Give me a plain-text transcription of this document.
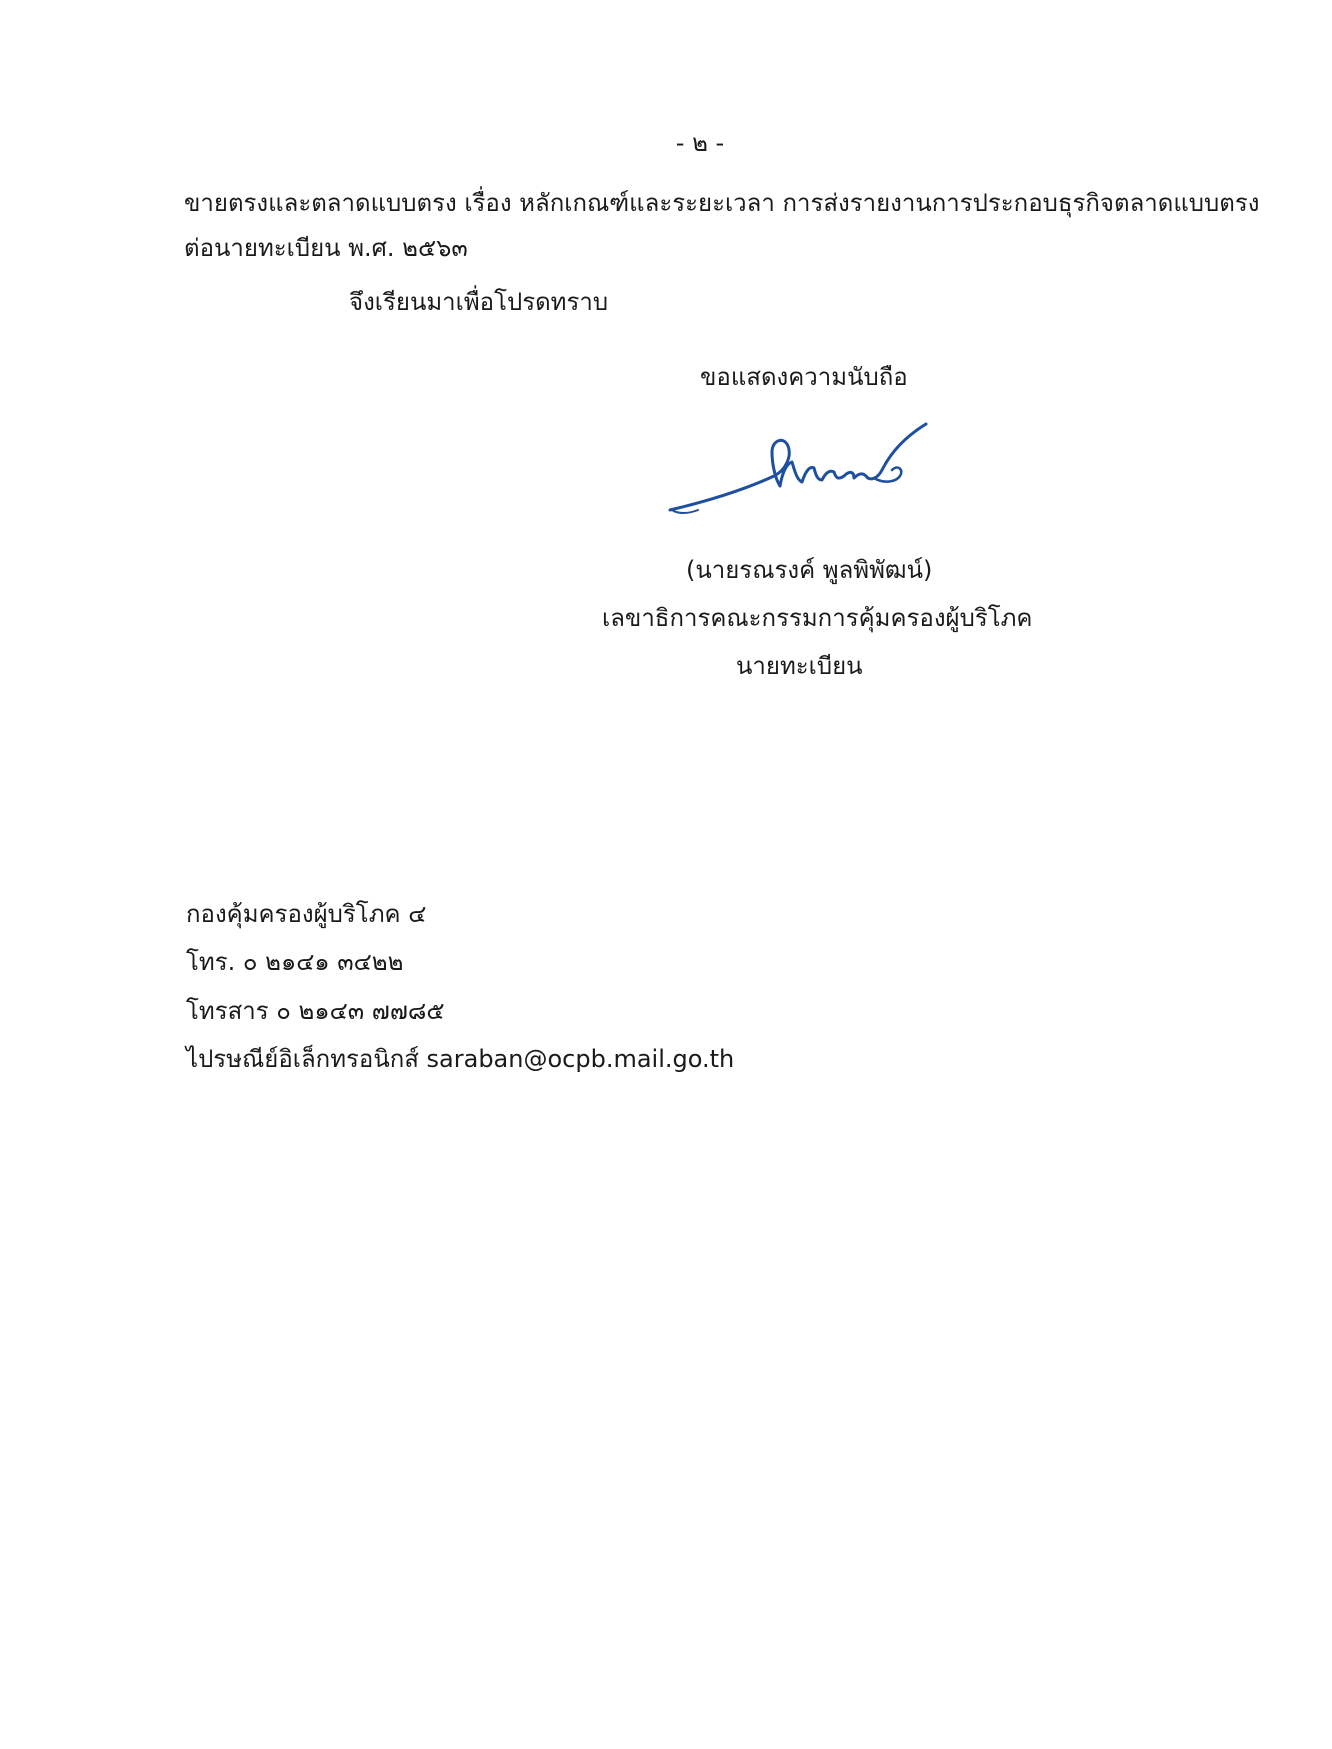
- ๒ -
ขายตรงและตลาดแบบตรง เรื่อง หลักเกณฑ์และระยะเวลา การส่งรายงานการประกอบธุรกิจตลาดแบบตรง
ต่อนายทะเบียน พ.ศ. ๒๕๖๓
จึงเรียนมาเพื่อโปรดทราบ
ขอแสดงความนับถือ
(นายรณรงค์ พูลพิพัฒน์)
เลขาธิการคณะกรรมการคุ้มครองผู้บริโภค
นายทะเบียน
กองคุ้มครองผู้บริโภค ๔
โทร. ๐ ๒๑๔๑ ๓๔๒๒
โทรสาร ๐ ๒๑๔๓ ๗๗๘๕
ไปรษณีย์อิเล็กทรอนิกส์ saraban@ocpb.mail.go.th
